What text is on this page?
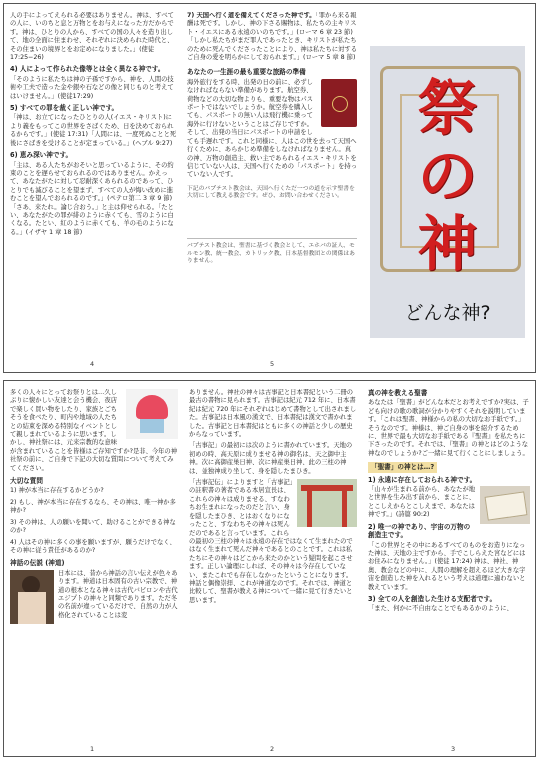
人の手によってえられる必要はありません。神は、すべての人に、いのちと息と万物とをお与えになった方だからです。神は、ひとりの人から、すべての国の人々を造り出して、地の全面に住まわせ、それぞれに決められた時代と、その住まいの境界とをお定めになりました。」(使徒17:25−26)

4) 人によって作られた像等とは全く異なる神です。

「そのように私たちは神の子孫ですから、神を、人間の技術や工夫で造った金や銀や石などの像と同じものと考えてはいけません。」(使徒17:29)

5) すべての罪を裁く正しい神です。

「神は、お立てになったひとりの人(イエス・キリスト)により義をもってこの世界をさばくため、日を決めておられるからです。」(使徒 17:31)「人間には、一度死ぬことと死後にさばきを受けることが定まっている。」(ヘブル 9:27)

6) 恵み深い神です。

「主は、ある人たちがおそいと思っているように、その約束のことを遅らせておられるのではありません。かえって、あなたがたに対して忍耐深くあられるのであって、ひとりでも滅びることを望まず、すべての人が悔い改めに進むことを望んでおられるのです。」(ペテロ第二 3 章 9 節)「さあ、来たれ。論じ合おう。」と主は仰せられる。「たとい、あなたがたの罪が緋のように赤くても、雪のように白くなる。たとい、紅のように赤くても、羊の毛のようになる。」(イザヤ 1 章 18 節)

4

7) 天国へ行く道を備えてくださった神です。「罪から来る報酬は死です。しかし、神の下さる賜物は、私たちの主キリスト・イエスにある永遠のいのちです。」(ローマ 6 章 23 節)「しかし私たちがまだ罪人であったとき、キリストが私たちのために死んでくださったことにより、神は私たちに対するご自身の愛を明らかにしておられます。」(ローマ 5 章 8 節)

あなたの一生涯の最も重要な旅路の準備

海外旅行をする時、出発の日の前に、必ずしなければならない準備があります。航空券、荷物などの大切な物よりも、重要な物はパスポートではないでしょうか。航空券を購入しても、パスポートの無い人は飛行機に乗って海外に行けないということはご存じですか。そして、出発の当日にパスポートの申請をしても手遅れです。これと同様に、人はこの世を去って天国へ行くために、あらかじめ準備をしなければなりません。真の神、万物の創造主、救い主であられるイエス・キリストを信じていない人は、天国へ行くための「パスポート」を持っていない人です。

下記のバプテスト教会は、天国へ行くただ一つの道を示す聖書を大切にして教える教会です。ぜひ、お問い合わせください。

バプテスト教会は、聖書に基づく教会として、エホバの証人、モルモン教、統一教会、カトリック教、日本基督教団との関係はありません。

5
祭
の
神
どんな神?

多くの人々にとってお祭りとは…久しぶりに懐かしい友達と会う機会、夜店で楽しく買い物をしたり、家族とごちそうを食べたり、町内や地域の人たちとの結束を深める特別なイベントとして親しまれているように思います。しかし、神社祭には、元来宗教的な意味が含まれていることを皆様はご存知ですか?是非、今年の神社祭の前に、ご自身で下記の大切な質問について考えてみてください。

大切な質問

1) 神が本当に存在するかどうか?

2) もし、神が本当に存在するなら、その神は、唯一神か多神か?

3) その神は、人の願いを聞いて、助けることができる神なのか?

4) 人はその神に多くの事を願いますが、願うだけでなく、その神に従う責任があるのか?

神話の伝説 (神道)

日本には、昔から神話の言い伝えが色々あります。神道は日本固有の古い宗教で、神道の根本となる神々は古代バビロンや古代エジプトの神々と同類であります。ただ冬の名前が違っているだけで、自然の力が人格化されていることは変

1

ありません。神社の神々は古事記と日本書紀という二冊の最古の書物に見られます。古事記は紀元 712 年に、日本書紀は紀元 720 年にそれぞれはじめて書物として出されました。古事記は日本風の漢文で、日本書紀は漢文で書かれました。古事記と日本書紀はともに多くの神話と少しの歴史からなっています。

「古事記」の最初には次のように書かれています。天地の初めの時、高天原に成りませる神の御名は、天之御中主神。次に高御産巣日神、次に神産巣日神、此の三柱の神は、並独神成り坐して、身を隠したまひき。

「古事記伝」によりますと「古事記」の註釈書の著者である本居宣長は、これらの神々は成りませる、すなわちお生まれになったのだと言い、身を隠したまひき、とはおくなりになったこと、すなわちその神々は死んだのであると言っています。これらの最初の三柱の神々は永遠の存在ではなくて生まれたのではなく生まれて死んだ神々であるとのことです。これは私たちにその神々はどこから来たのかという疑問を起こさせます。正しい論理にしれば、その神々は今存在していない、またこれでも存在しなかったということになります。神話と偶像崇拝、これが神道なのです。それでは、神道と比較して、聖書が教える神について一緒に見て行きたいと思います。

2
真の神を教える聖書

あなたは「聖書」がどんな本だとお考えですか?実は、子ども向けの歌の歌詞が分かりやすくそれを説明しています。「これは聖書、神様からの私の大切なお手紙です。」そうなのです。神様は、神ご自身の事を紹介するために、世界で最も大切なお手紙である『聖書』を私たちに下さったのです。それでは、『聖書』の神とはどのような神なのでしょうか?ご一緒に見て行くことにしましょう。

「聖書」の神とは…?
1) 永遠に存在しておられる神です。

「山々が生まれる前から、あなたが地と世界を生み出す前から、まことに、とこしえからとこしえまで、あなたは神です。」(詩篇 90:2)

2) 唯一の神であり、宇宙の万物の創造主です。

「この世界とその中にあるすべてのものをお造りになった神は、天地の主ですから、手でこしらえた宮などにはお住みになりません。」(使徒 17:24) 神は、神社、神奥、教会などの中に、人間の理解を超えるほど大きな宇宙を創造した神を入れるという考えは道理に適わないと教えています。

3) 全ての人を創造した生ける支配者です。

「また、何かに不自由なことでもあるかのように、

3
